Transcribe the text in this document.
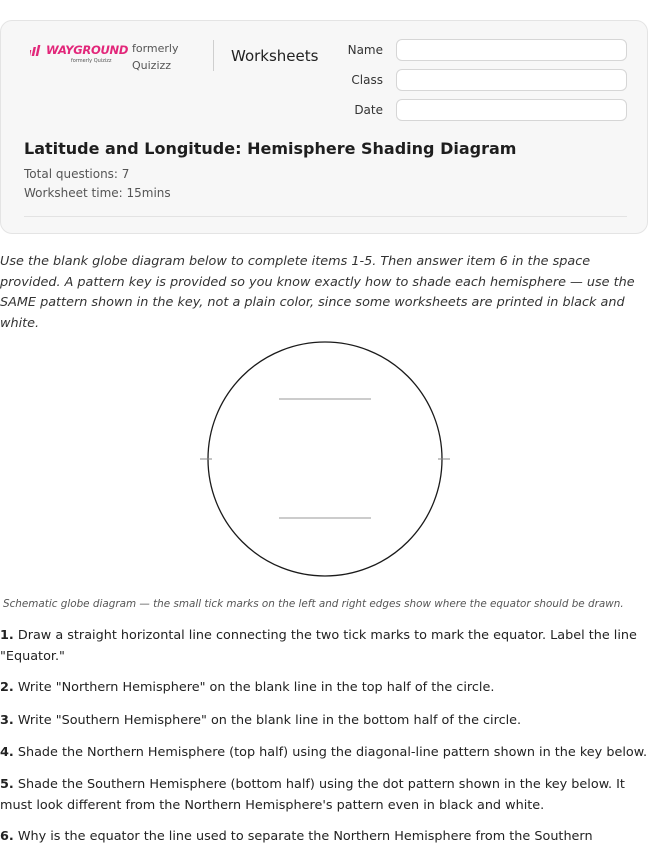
WAYGROUND
formerly Quizizz
formerly Quizizz
Worksheets Name
Class
Date
Latitude and Longitude: Hemisphere Shading Diagram
Total questions: 7
Worksheet time: 15mins

Use the blank globe diagram below to complete items 1-5. Then answer item 6 in the space provided. A pattern key is provided so you know exactly how to shade each hemisphere — use the SAME pattern shown in the key, not a plain color, since some worksheets are printed in black and white.

Schematic globe diagram — the small tick marks on the left and right edges show where the equator should be drawn.
1. Draw a straight horizontal line connecting the two tick marks to mark the equator. Label the line "Equator."
2. Write "Northern Hemisphere" on the blank line in the top half of the circle.
3. Write "Southern Hemisphere" on the blank line in the bottom half of the circle.
4. Shade the Northern Hemisphere (top half) using the diagonal-line pattern shown in the key below.
5. Shade the Southern Hemisphere (bottom half) using the dot pattern shown in the key below. It must look different from the Northern Hemisphere's pattern even in black and white.
6. Why is the equator the line used to separate the Northern Hemisphere from the Southern
